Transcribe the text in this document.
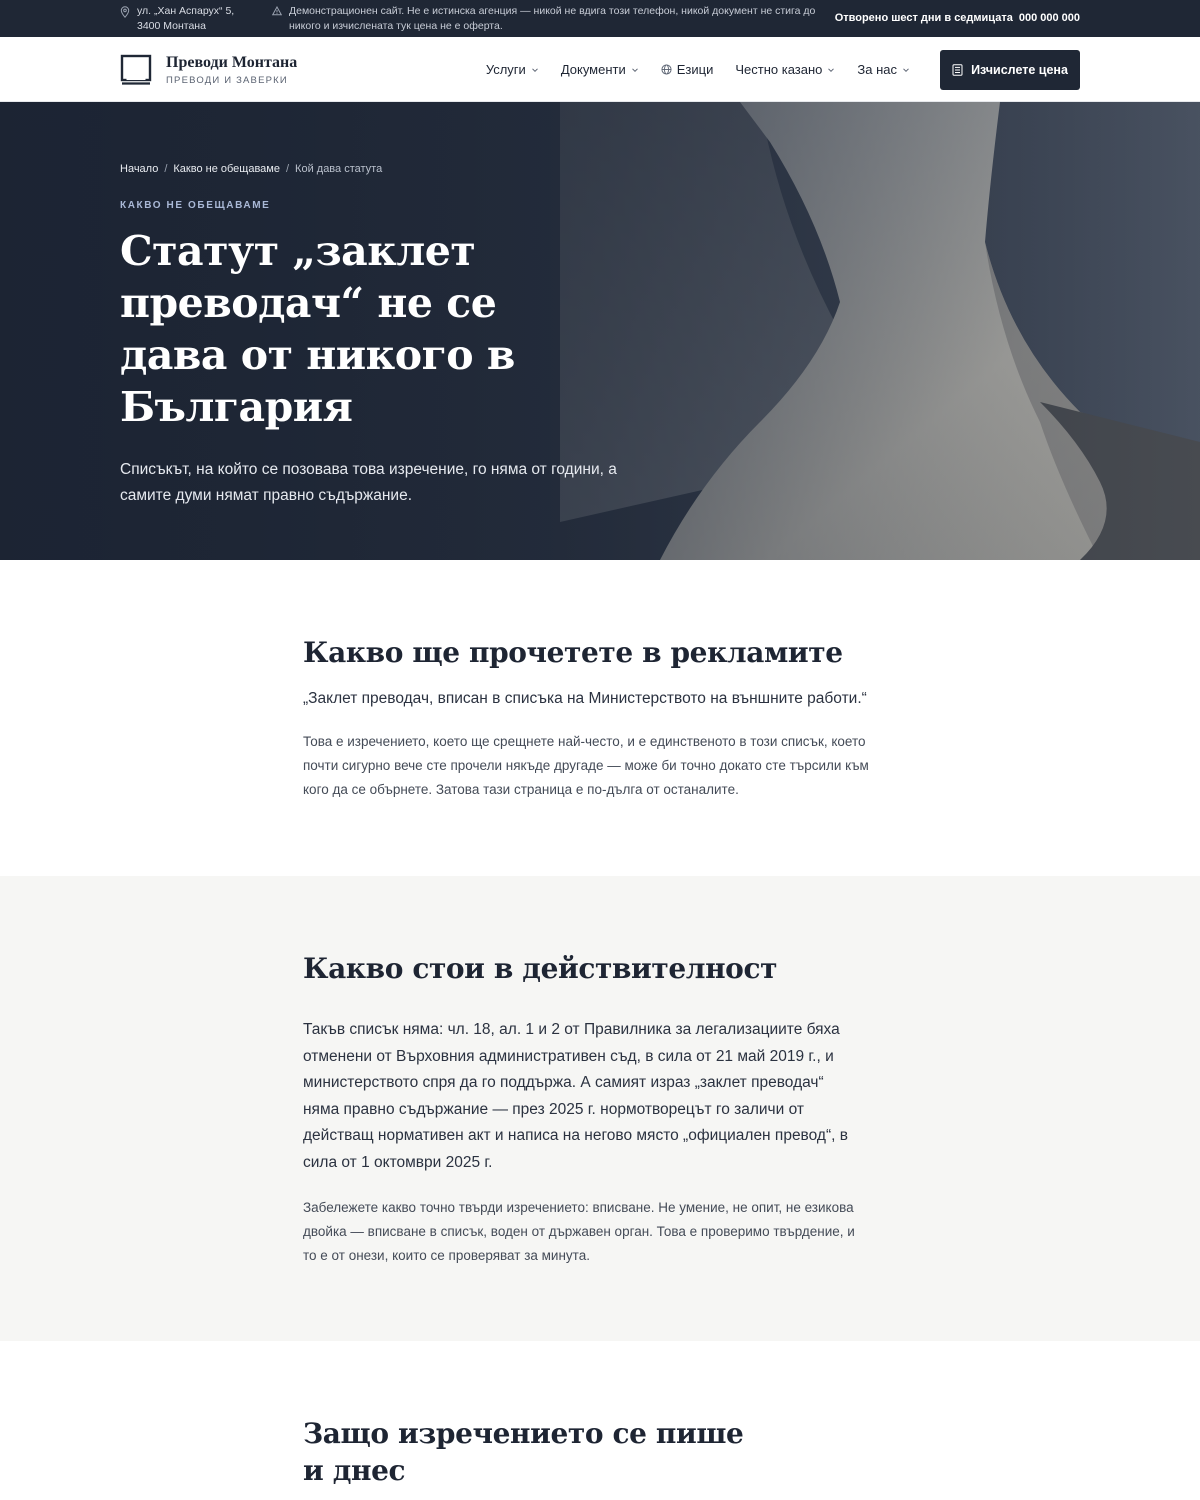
ул. „Хан Аспарух“ 5,
3400 Монтана
Демонстрационен сайт. Не е истинска агенция — никой не вдига този телефон, никой документ не стига до никого и изчислената тук цена не е оферта.
Отворено шест дни в седмицата 000 000 000
Преводи Монтана
ПРЕВОДИ И ЗАВЕРКИ
Услуги	Документи	Езици Честно казано	За нас	Изчислете цена
Начало / Какво не обещаваме / Кой дава статута
КАКВО НЕ ОБЕЩАВАМЕ
Статут „заклет преводач“ не се дава от никого в България

Списъкът, на който се позовава това изречение, го няма от години, а самите думи нямат правно съдържание.

Какво ще прочетете в рекламите

„Заклет преводач, вписан в списъка на Министерството на външните работи.“

Това е изречението, което ще срещнете най-често, и е единственото в този списък, което почти сигурно вече сте прочели някъде другаде — може би точно докато сте търсили към кого да се обърнете. Затова тази страница е по-дълга от останалите.

Какво стои в действителност

Такъв списък няма: чл. 18, ал. 1 и 2 от Правилника за легализациите бяха отменени от Върховния административен съд, в сила от 21 май 2019 г., и министерството спря да го поддържа. А самият израз „заклет преводач“ няма правно съдържание — през 2025 г. нормотворецът го заличи от действащ нормативен акт и написа на негово място „официален превод“, в сила от 1 октомври 2025 г.

Забележете какво точно твърди изречението: вписване. Не умение, не опит, не езикова двойка — вписване в списък, воден от държавен орган. Това е проверимо твърдение, и то е от онези, които се проверяват за минута.

Защо изречението се пише и днес
